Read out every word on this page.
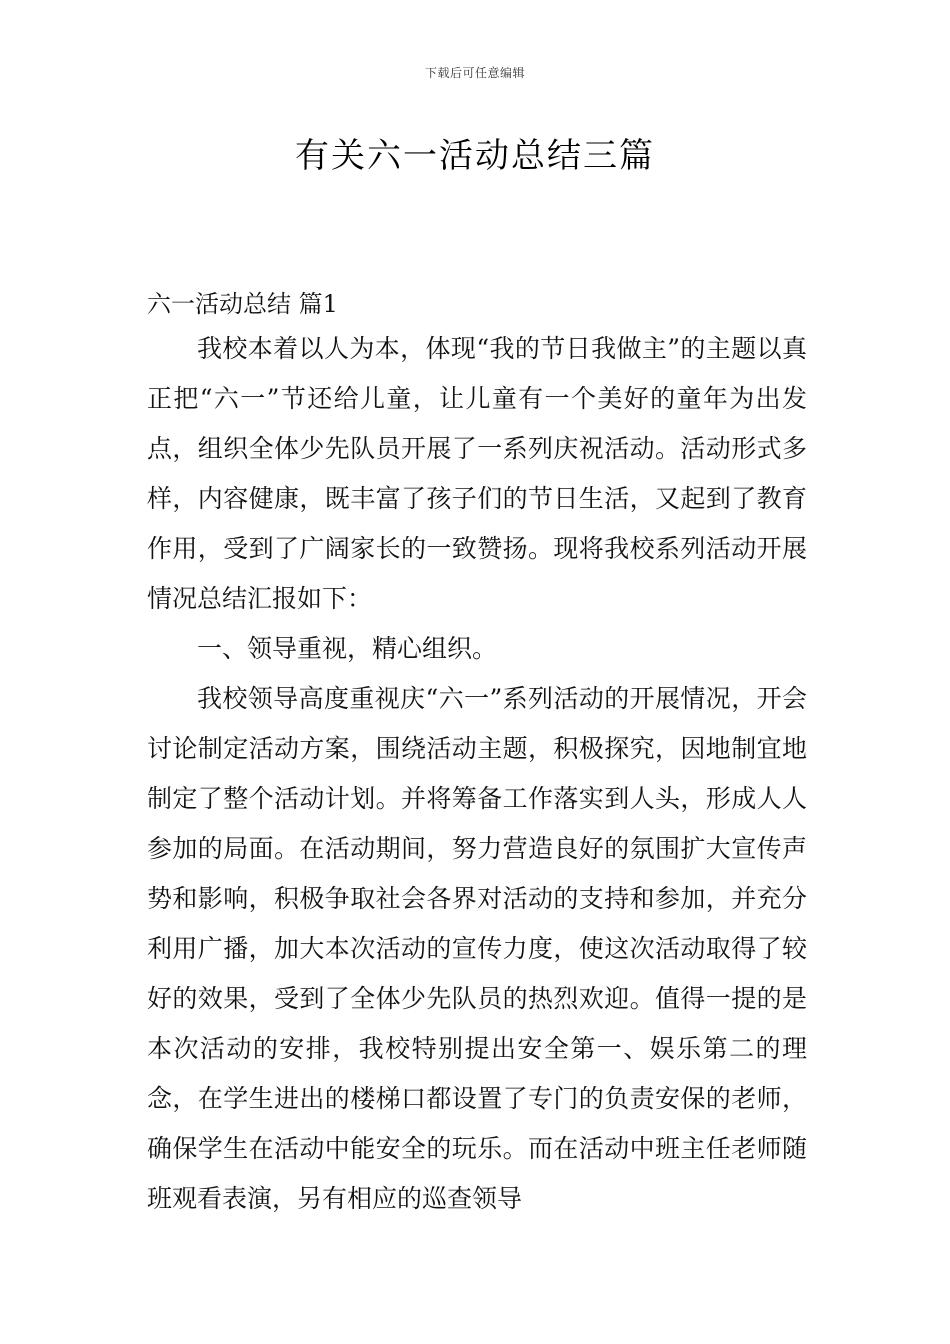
下载后可任意编辑
有关六一活动总结三篇
六一活动总结 篇1

我校本着以人为本，体现“我的节日我做主”的主题以真正把“六一”节还给儿童，让儿童有一个美好的童年为出发点，组织全体少先队员开展了一系列庆祝活动。活动形式多样，内容健康，既丰富了孩子们的节日生活，又起到了教育作用，受到了广阔家长的一致赞扬。现将我校系列活动开展情况总结汇报如下：

一、领导重视，精心组织。

我校领导高度重视庆“六一”系列活动的开展情况，开会讨论制定活动方案，围绕活动主题，积极探究，因地制宜地制定了整个活动计划。并将筹备工作落实到人头，形成人人参加的局面。在活动期间，努力营造良好的氛围扩大宣传声势和影响，积极争取社会各界对活动的支持和参加，并充分利用广播，加大本次活动的宣传力度，使这次活动取得了较好的效果，受到了全体少先队员的热烈欢迎。值得一提的是本次活动的安排，我校特别提出安全第一、娱乐第二的理念，在学生进出的楼梯口都设置了专门的负责安保的老师，确保学生在活动中能安全的玩乐。而在活动中班主任老师随班观看表演，另有相应的巡查领导
